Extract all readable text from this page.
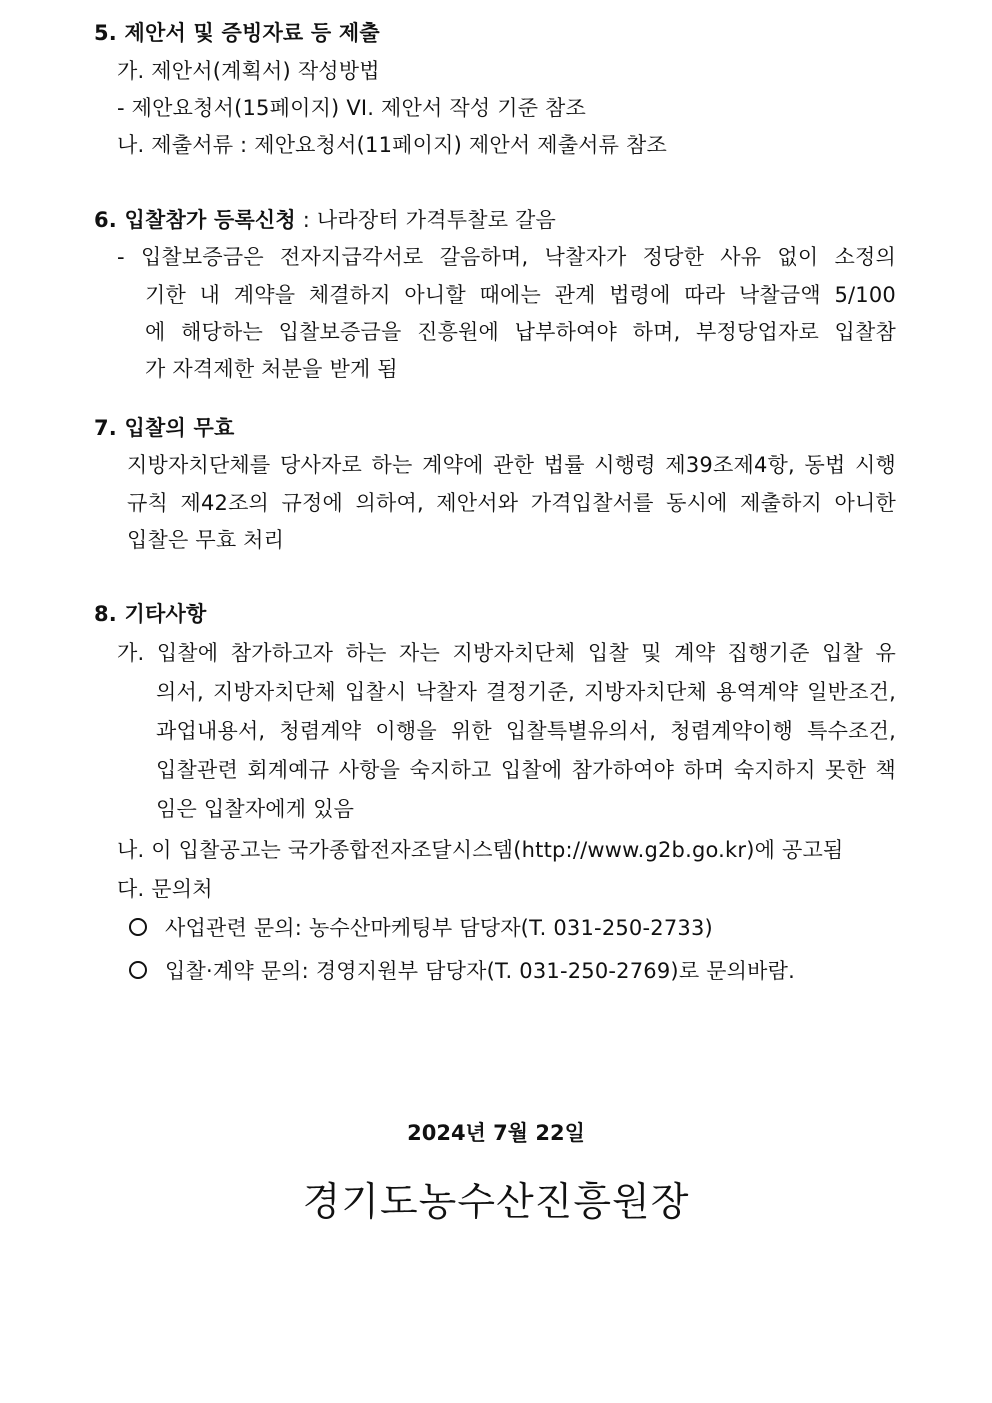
5. 제안서 및 증빙자료 등 제출
가. 제안서(계획서) 작성방법
- 제안요청서(15페이지) VI. 제안서 작성 기준 참조
나. 제출서류 : 제안요청서(11페이지) 제안서 제출서류 참조
6. 입찰참가 등록신청 : 나라장터 가격투찰로 갈음
- 입찰보증금은 전자지급각서로 갈음하며, 낙찰자가 정당한 사유 없이 소정의
기한 내 계약을 체결하지 아니할 때에는 관계 법령에 따라 낙찰금액 5/100
에 해당하는 입찰보증금을 진흥원에 납부하여야 하며, 부정당업자로 입찰참
가 자격제한 처분을 받게 됨
7. 입찰의 무효
지방자치단체를 당사자로 하는 계약에 관한 법률 시행령 제39조제4항, 동법 시행
규칙 제42조의 규정에 의하여, 제안서와 가격입찰서를 동시에 제출하지 아니한
입찰은 무효 처리
8. 기타사항
가. 입찰에 참가하고자 하는 자는 지방자치단체 입찰 및 계약 집행기준 입찰 유
의서, 지방자치단체 입찰시 낙찰자 결정기준, 지방자치단체 용역계약 일반조건,
과업내용서, 청렴계약 이행을 위한 입찰특별유의서, 청렴계약이행 특수조건,
입찰관련 회계예규 사항을 숙지하고 입찰에 참가하여야 하며 숙지하지 못한 책
임은 입찰자에게 있음
나. 이 입찰공고는 국가종합전자조달시스템(http://www.g2b.go.kr)에 공고됨
다. 문의처
사업관련 문의: 농수산마케팅부 담당자(T. 031-250-2733)
입찰·계약 문의: 경영지원부 담당자(T. 031-250-2769)로 문의바람.
2024년 7월 22일
경기도농수산진흥원장
